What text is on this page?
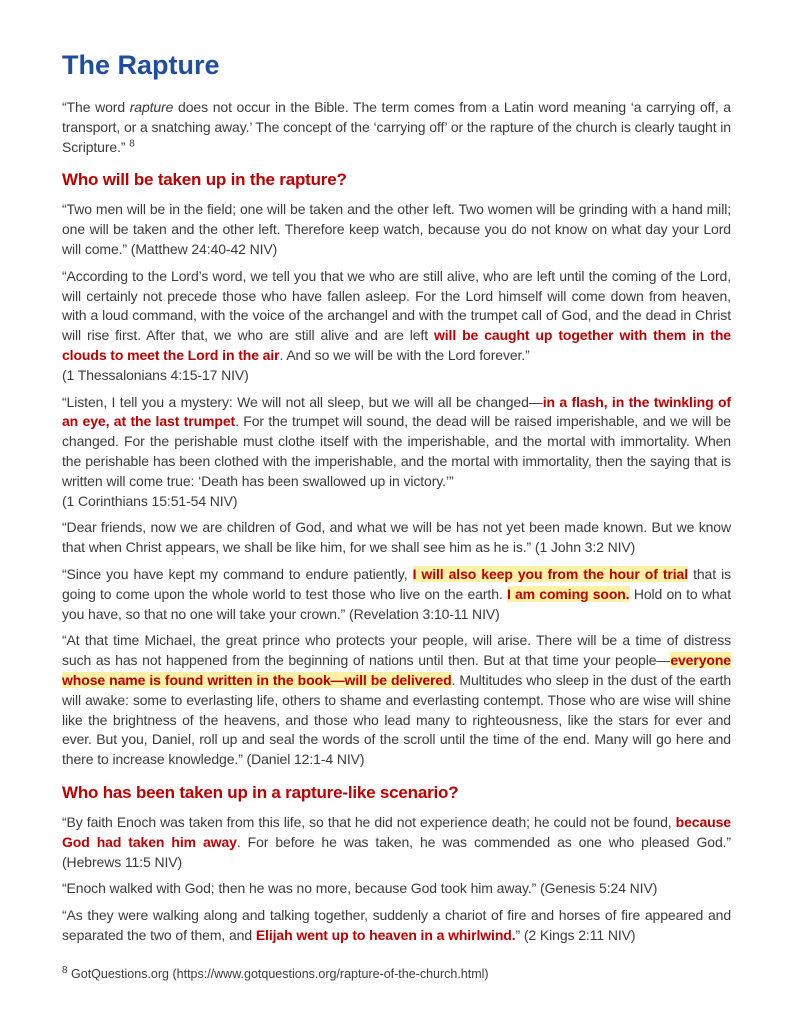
The Rapture

“The word rapture does not occur in the Bible. The term comes from a Latin word meaning ‘a carrying off, a transport, or a snatching away.’ The concept of the ‘carrying off’ or the rapture of the church is clearly taught in Scripture.” $^8$

Who will be taken up in the rapture?

“Two men will be in the field; one will be taken and the other left. Two women will be grinding with a hand mill; one will be taken and the other left. Therefore keep watch, because you do not know on what day your Lord will come.” (Matthew 24:40-42 NIV)

“According to the Lord’s word, we tell you that we who are still alive, who are left until the coming of the Lord, will certainly not precede those who have fallen asleep. For the Lord himself will come down from heaven, with a loud command, with the voice of the archangel and with the trumpet call of God, and the dead in Christ will rise first. After that, we who are still alive and are left will be caught up together with them in the clouds to meet the Lord in the air. And so we will be with the Lord forever.”
(1 Thessalonians 4:15-17 NIV)

“Listen, I tell you a mystery: We will not all sleep, but we will all be changed—in a flash, in the twinkling of an eye, at the last trumpet. For the trumpet will sound, the dead will be raised imperishable, and we will be changed. For the perishable must clothe itself with the imperishable, and the mortal with immortality. When the perishable has been clothed with the imperishable, and the mortal with immortality, then the saying that is written will come true: ‘Death has been swallowed up in victory.’”
(1 Corinthians 15:51-54 NIV)

“Dear friends, now we are children of God, and what we will be has not yet been made known. But we know that when Christ appears, we shall be like him, for we shall see him as he is.” (1 John 3:2 NIV)

“Since you have kept my command to endure patiently, I will also keep you from the hour of trial that is going to come upon the whole world to test those who live on the earth. I am coming soon. Hold on to what you have, so that no one will take your crown.” (Revelation 3:10-11 NIV)

“At that time Michael, the great prince who protects your people, will arise. There will be a time of distress such as has not happened from the beginning of nations until then. But at that time your people—everyone whose name is found written in the book—will be delivered. Multitudes who sleep in the dust of the earth will awake: some to everlasting life, others to shame and everlasting contempt. Those who are wise will shine like the brightness of the heavens, and those who lead many to righteousness, like the stars for ever and ever. But you, Daniel, roll up and seal the words of the scroll until the time of the end. Many will go here and there to increase knowledge.” (Daniel 12:1-4 NIV)

Who has been taken up in a rapture-like scenario?

“By faith Enoch was taken from this life, so that he did not experience death; he could not be found, because God had taken him away. For before he was taken, he was commended as one who pleased God.” (Hebrews 11:5 NIV)

“Enoch walked with God; then he was no more, because God took him away.” (Genesis 5:24 NIV)

“As they were walking along and talking together, suddenly a chariot of fire and horses of fire appeared and separated the two of them, and Elijah went up to heaven in a whirlwind.” (2 Kings 2:11 NIV)

$^8$ GotQuestions.org (https://www.gotquestions.org/rapture-of-the-church.html)
